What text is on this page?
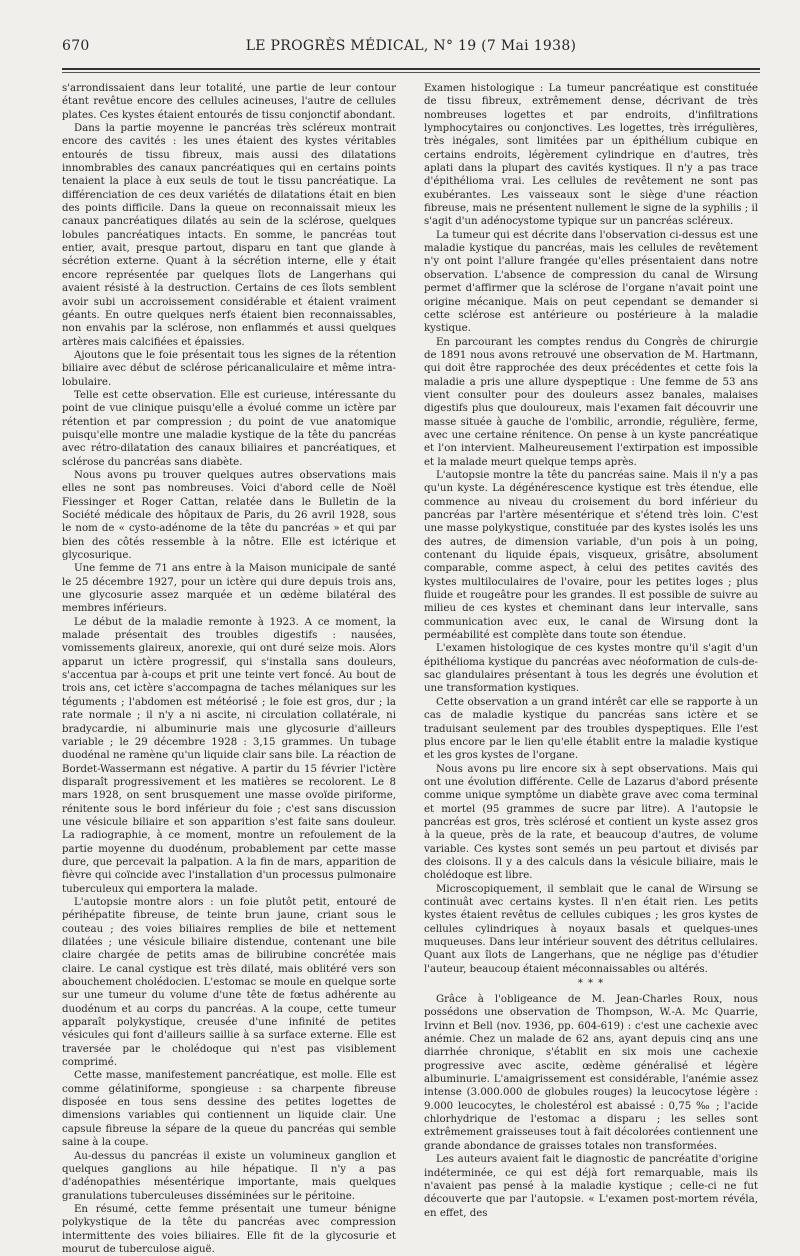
670	LE PROGRÈS MÉDICAL, N° 19 (7 Mai 1938)

s'arrondissaient dans leur totalité, une partie de leur contour étant revêtue encore des cellules acineuses, l'autre de cellules plates. Ces kystes étaient entourés de tissu conjonctif abondant.

Dans la partie moyenne le pancréas très scléreux montrait encore des cavités : les unes étaient des kystes véritables entourés de tissu fibreux, mais aussi des dilatations innombrables des canaux pancréatiques qui en certains points tenaient la place à eux seuls de tout le tissu pancréatique. La différenciation de ces deux variétés de dilatations était en bien des points difficile. Dans la queue on reconnaissait mieux les canaux pancréatiques dilatés au sein de la sclérose, quelques lobules pancréatiques intacts. En somme, le pancréas tout entier, avait, presque partout, disparu en tant que glande à sécrétion externe. Quant à la sécrétion interne, elle y était encore représentée par quelques îlots de Langerhans qui avaient résisté à la destruction. Certains de ces îlots semblent avoir subi un accroissement considérable et étaient vraiment géants. En outre quelques nerfs étaient bien reconnaissables, non envahis par la sclérose, non enflammés et aussi quelques artères mais calcifiées et épaissies.

Ajoutons que le foie présentait tous les signes de la rétention biliaire avec début de sclérose péricanaliculaire et même intra-lobulaire.

Telle est cette observation. Elle est curieuse, intéressante du point de vue clinique puisqu'elle a évolué comme un ictère par rétention et par compression ; du point de vue anatomique puisqu'elle montre une maladie kystique de la tête du pancréas avec rétro-dilatation des canaux biliaires et pancréatiques, et sclérose du pancréas sans diabète.

Nous avons pu trouver quelques autres observations mais elles ne sont pas nombreuses. Voici d'abord celle de Noël Fiessinger et Roger Cattan, relatée dans le Bulletin de la Société médicale des hôpitaux de Paris, du 26 avril 1928, sous le nom de « cysto-adénome de la tête du pancréas » et qui par bien des côtés ressemble à la nôtre. Elle est ictérique et glycosurique.

Une femme de 71 ans entre à la Maison municipale de santé le 25 décembre 1927, pour un ictère qui dure depuis trois ans, une glycosurie assez marquée et un œdème bilatéral des membres inférieurs.

Le début de la maladie remonte à 1923. A ce moment, la malade présentait des troubles digestifs : nausées, vomissements glaireux, anorexie, qui ont duré seize mois. Alors apparut un ictère progressif, qui s'installa sans douleurs, s'accentua par à-coups et prit une teinte vert foncé. Au bout de trois ans, cet ictère s'accompagna de taches mélaniques sur les téguments ; l'abdomen est météorisé ; le foie est gros, dur ; la rate normale ; il n'y a ni ascite, ni circulation collatérale, ni bradycardie, ni albuminurie mais une glycosurie d'ailleurs variable ; le 29 décembre 1928 : 3,15 grammes. Un tubage duodénal ne ramène qu'un liquide clair sans bile. La réaction de Bordet-Wassermann est négative. A partir du 15 février l'ictère disparaît progressivement et les matières se recolorent. Le 8 mars 1928, on sent brusquement une masse ovoïde piriforme, rénitente sous le bord inférieur du foie ; c'est sans discussion une vésicule biliaire et son apparition s'est faite sans douleur. La radiographie, à ce moment, montre un refoulement de la partie moyenne du duodénum, probablement par cette masse dure, que percevait la palpation. A la fin de mars, apparition de fièvre qui coïncide avec l'installation d'un processus pulmonaire tuberculeux qui emportera la malade.

L'autopsie montre alors : un foie plutôt petit, entouré de périhépatite fibreuse, de teinte brun jaune, criant sous le couteau ; des voies biliaires remplies de bile et nettement dilatées ; une vésicule biliaire distendue, contenant une bile claire chargée de petits amas de bilirubine concrétée mais claire. Le canal cystique est très dilaté, mais oblitéré vers son abouchement cholédocien. L'estomac se moule en quelque sorte sur une tumeur du volume d'une tête de fœtus adhérente au duodénum et au corps du pancréas. A la coupe, cette tumeur apparaît polykystique, creusée d'une infinité de petites vésicules qui font d'ailleurs saillie à sa surface externe. Elle est traversée par le cholédoque qui n'est pas visiblement comprimé.

Cette masse, manifestement pancréatique, est molle. Elle est comme gélatiniforme, spongieuse : sa charpente fibreuse disposée en tous sens dessine des petites logettes de dimensions variables qui contiennent un liquide clair. Une capsule fibreuse la sépare de la queue du pancréas qui semble saine à la coupe.

Au-dessus du pancréas il existe un volumineux ganglion et quelques ganglions au hile hépatique. Il n'y a pas d'adénopathies mésentérique importante, mais quelques granulations tuberculeuses disséminées sur le péritoine.

En résumé, cette femme présentait une tumeur bénigne polykystique de la tête du pancréas avec compression intermittente des voies biliaires. Elle fit de la glycosurie et mourut de tuberculose aiguë.

Examen histologique : La tumeur pancréatique est constituée de tissu fibreux, extrêmement dense, décrivant de très nombreuses logettes et par endroits, d'infiltrations lymphocytaires ou conjonctives. Les logettes, très irrégulières, très inégales, sont limitées par un épithélium cubique en certains endroits, légèrement cylindrique en d'autres, très aplati dans la plupart des cavités kystiques. Il n'y a pas trace d'épithélioma vrai. Les cellules de revêtement ne sont pas exubérantes. Les vaisseaux sont le siège d'une réaction fibreuse, mais ne présentent nullement le signe de la syphilis ; il s'agit d'un adénocystome typique sur un pancréas scléreux.

La tumeur qui est décrite dans l'observation ci-dessus est une maladie kystique du pancréas, mais les cellules de revêtement n'y ont point l'allure frangée qu'elles présentaient dans notre observation. L'absence de compression du canal de Wirsung permet d'affirmer que la sclérose de l'organe n'avait point une origine mécanique. Mais on peut cependant se demander si cette sclérose est antérieure ou postérieure à la maladie kystique.

En parcourant les comptes rendus du Congrès de chirurgie de 1891 nous avons retrouvé une observation de M. Hartmann, qui doit être rapprochée des deux précédentes et cette fois la maladie a pris une allure dyspeptique : Une femme de 53 ans vient consulter pour des douleurs assez banales, malaises digestifs plus que douloureux, mais l'examen fait découvrir une masse située à gauche de l'ombilic, arrondie, régulière, ferme, avec une certaine rénitence. On pense à un kyste pancréatique et l'on intervient. Malheureusement l'extirpation est impossible et la malade meurt quelque temps après.

L'autopsie montre la tête du pancréas saine. Mais il n'y a pas qu'un kyste. La dégénérescence kystique est très étendue, elle commence au niveau du croisement du bord inférieur du pancréas par l'artère mésentérique et s'étend très loin. C'est une masse polykystique, constituée par des kystes isolés les uns des autres, de dimension variable, d'un pois à un poing, contenant du liquide épais, visqueux, grisâtre, absolument comparable, comme aspect, à celui des petites cavités des kystes multiloculaires de l'ovaire, pour les petites loges ; plus fluide et rougeâtre pour les grandes. Il est possible de suivre au milieu de ces kystes et cheminant dans leur intervalle, sans communication avec eux, le canal de Wirsung dont la perméabilité est complète dans toute son étendue.

L'examen histologique de ces kystes montre qu'il s'agit d'un épithélioma kystique du pancréas avec néoformation de culs-de-sac glandulaires présentant à tous les degrés une évolution et une transformation kystiques.

Cette observation a un grand intérêt car elle se rapporte à un cas de maladie kystique du pancréas sans ictère et se traduisant seulement par des troubles dyspeptiques. Elle l'est plus encore par le lien qu'elle établit entre la maladie kystique et les gros kystes de l'organe.

Nous avons pu lire encore six à sept observations. Mais qui ont une évolution différente. Celle de Lazarus d'abord présente comme unique symptôme un diabète grave avec coma terminal et mortel (95 grammes de sucre par litre). A l'autopsie le pancréas est gros, très sclérosé et contient un kyste assez gros à la queue, près de la rate, et beaucoup d'autres, de volume variable. Ces kystes sont semés un peu partout et divisés par des cloisons. Il y a des calculs dans la vésicule biliaire, mais le cholédoque est libre.

Microscopiquement, il semblait que le canal de Wirsung se continuât avec certains kystes. Il n'en était rien. Les petits kystes étaient revêtus de cellules cubiques ; les gros kystes de cellules cylindriques à noyaux basals et quelques-unes muqueuses. Dans leur intérieur souvent des détritus cellulaires. Quant aux îlots de Langerhans, que ne néglige pas d'étudier l'auteur, beaucoup étaient méconnaissables ou altérés.

* * *

Grâce à l'obligeance de M. Jean-Charles Roux, nous possédons une observation de Thompson, W.-A. Mc Quarrie, Irvinn et Bell (nov. 1936, pp. 604-619) : c'est une cachexie avec anémie. Chez un malade de 62 ans, ayant depuis cinq ans une diarrhée chronique, s'établit en six mois une cachexie progressive avec ascite, œdème généralisé et légère albuminurie. L'amaigrissement est considérable, l'anémie assez intense (3.000.000 de globules rouges) la leucocytose légère : 9.000 leucocytes, le cholestérol est abaissé : 0,75 ‰ ; l'acide chlorhydrique de l'estomac a disparu ; les selles sont extrêmement graisseuses tout à fait décolorées contiennent une grande abondance de graisses totales non transformées.

Les auteurs avaient fait le diagnostic de pancréatite d'origine indéterminée, ce qui est déjà fort remarquable, mais ils n'avaient pas pensé à la maladie kystique ; celle-ci ne fut découverte que par l'autopsie. « L'examen post-mortem révéla, en effet, des
